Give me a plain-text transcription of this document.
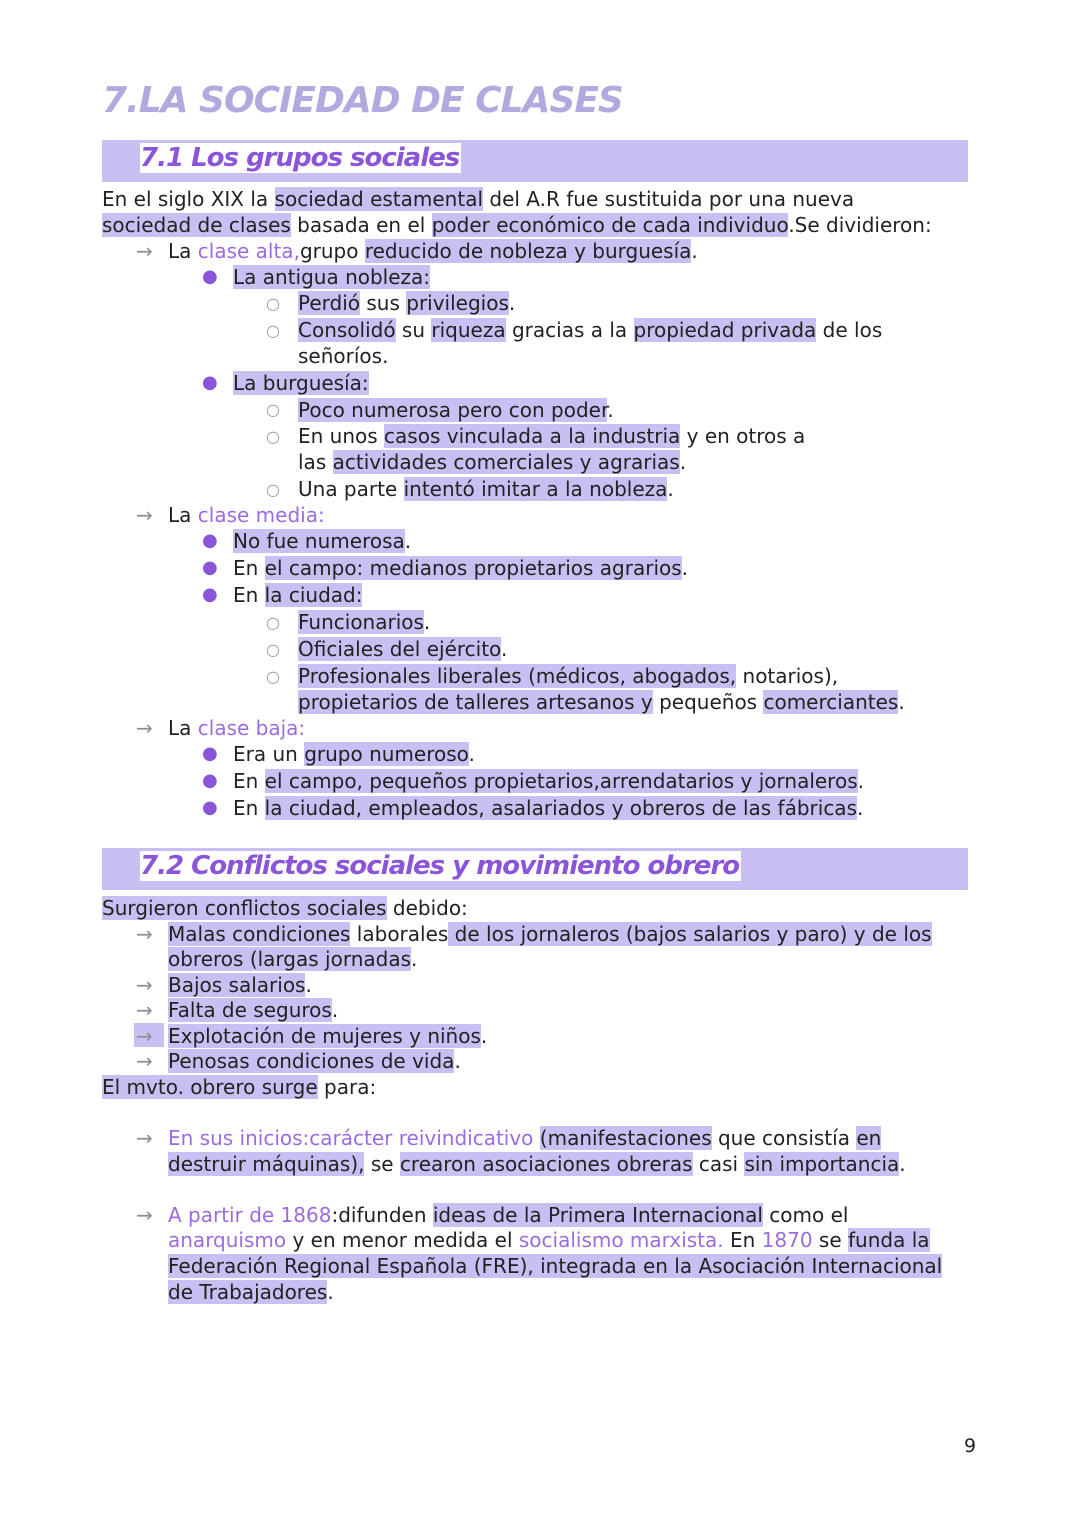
7.LA SOCIEDAD DE CLASES
7.1 Los grupos sociales
En el siglo XIX la sociedad estamental del A.R fue sustituida por una nueva
sociedad de clases basada en el poder económico de cada individuo.Se dividieron:
→ La clase alta,grupo reducido de nobleza y burguesía.
● La antigua nobleza:
○ Perdió sus privilegios.
○ Consolidó su riqueza gracias a la propiedad privada de los
señoríos.
● La burguesía:
○ Poco numerosa pero con poder.
○ En unos casos vinculada a la industria y en otros a
las actividades comerciales y agrarias.
○ Una parte intentó imitar a la nobleza.
→ La clase media:
● No fue numerosa.
● En el campo: medianos propietarios agrarios.
● En la ciudad:
○ Funcionarios.
○ Oficiales del ejército.
○ Profesionales liberales (médicos, abogados, notarios),
propietarios de talleres artesanos y pequeños comerciantes.
→ La clase baja:
● Era un grupo numeroso.
● En el campo, pequeños propietarios,arrendatarios y jornaleros.
● En la ciudad, empleados, asalariados y obreros de las fábricas.
7.2 Conflictos sociales y movimiento obrero
Surgieron conflictos sociales debido:
→ Malas condiciones laborales de los jornaleros (bajos salarios y paro) y de los
obreros (largas jornadas.
→ Bajos salarios.
→ Falta de seguros.
→ Explotación de mujeres y niños.
→ Penosas condiciones de vida.
El mvto. obrero surge para:
→ En sus inicios:carácter reivindicativo (manifestaciones que consistía en
destruir máquinas), se crearon asociaciones obreras casi sin importancia.
→ A partir de 1868:difunden ideas de la Primera Internacional como el
anarquismo y en menor medida el socialismo marxista. En 1870 se funda la
Federación Regional Española (FRE), integrada en la Asociación Internacional
de Trabajadores.
9
